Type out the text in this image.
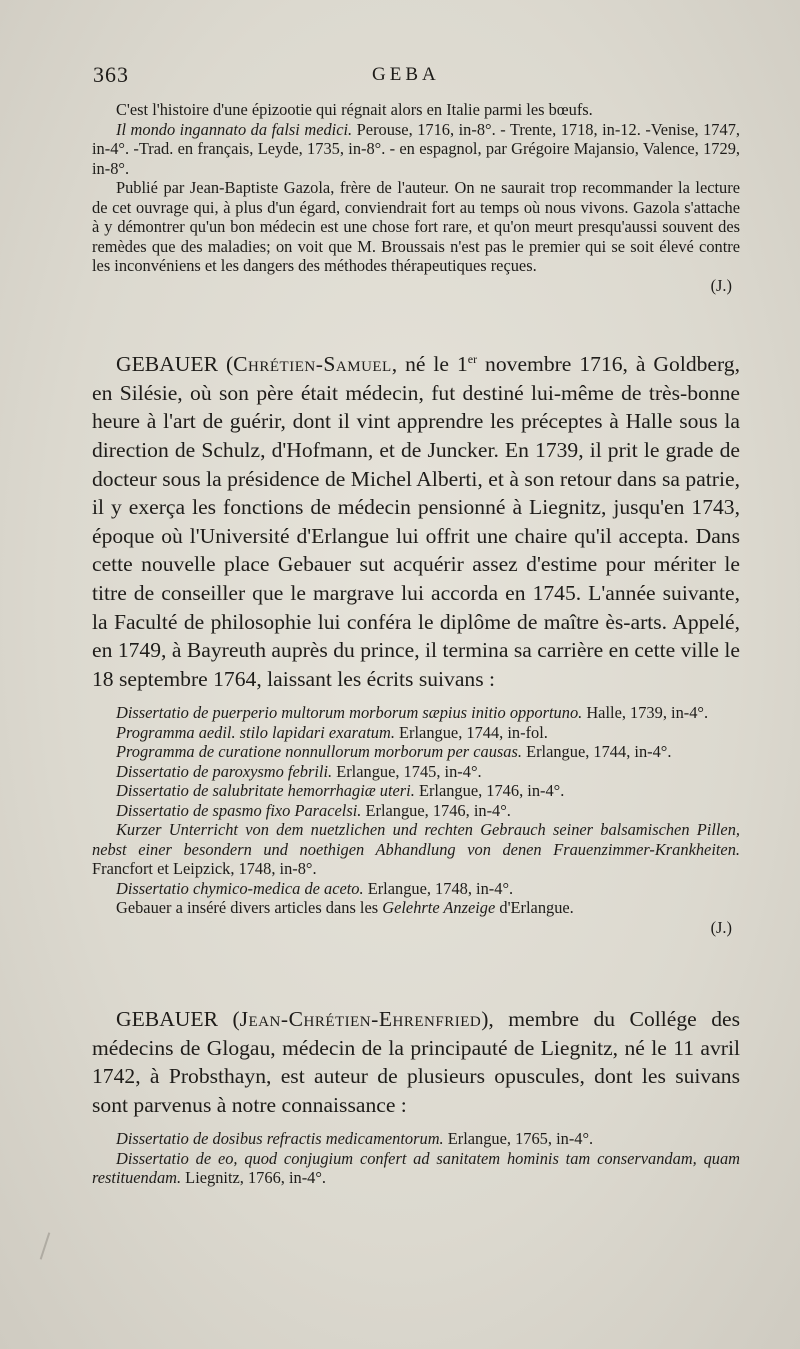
363	GEBA

C'est l'histoire d'une épizootie qui régnait alors en Italie parmi les bœufs.

Il mondo ingannato da falsi medici. Perouse, 1716, in-8°. - Trente, 1718, in-12. -Venise, 1747, in-4°. -Trad. en français, Leyde, 1735, in-8°. - en espagnol, par Grégoire Majansio, Valence, 1729, in-8°.

Publié par Jean-Baptiste Gazola, frère de l'auteur. On ne saurait trop recommander la lecture de cet ouvrage qui, à plus d'un égard, conviendrait fort au temps où nous vivons. Gazola s'attache à y démontrer qu'un bon médecin est une chose fort rare, et qu'on meurt presqu'aussi souvent des remèdes que des maladies; on voit que M. Broussais n'est pas le premier qui se soit élevé contre les inconvéniens et les dangers des méthodes thérapeutiques reçues.

(J.)

GEBAUER (Chrétien-Samuel, né le 1er novembre 1716, à Goldberg, en Silésie, où son père était médecin, fut destiné lui-même de très-bonne heure à l'art de guérir, dont il vint apprendre les préceptes à Halle sous la direction de Schulz, d'Hofmann, et de Juncker. En 1739, il prit le grade de docteur sous la présidence de Michel Alberti, et à son retour dans sa patrie, il y exerça les fonctions de médecin pensionné à Liegnitz, jusqu'en 1743, époque où l'Université d'Erlangue lui offrit une chaire qu'il accepta. Dans cette nouvelle place Gebauer sut acquérir assez d'estime pour mériter le titre de conseiller que le margrave lui accorda en 1745. L'année suivante, la Faculté de philosophie lui conféra le diplôme de maître ès-arts. Appelé, en 1749, à Bayreuth auprès du prince, il termina sa carrière en cette ville le 18 septembre 1764, laissant les écrits suivans :

Dissertatio de puerperio multorum morborum sæpius initio opportuno. Halle, 1739, in-4°.

Programma aedil. stilo lapidari exaratum. Erlangue, 1744, in-fol.

Programma de curatione nonnullorum morborum per causas. Erlangue, 1744, in-4°.

Dissertatio de paroxysmo febrili. Erlangue, 1745, in-4°.

Dissertatio de salubritate hemorrhagiæ uteri. Erlangue, 1746, in-4°.

Dissertatio de spasmo fixo Paracelsi. Erlangue, 1746, in-4°.

Kurzer Unterricht von dem nuetzlichen und rechten Gebrauch seiner balsamischen Pillen, nebst einer besondern und noethigen Abhandlung von denen Frauenzimmer-Krankheiten. Francfort et Leipzick, 1748, in-8°.

Dissertatio chymico-medica de aceto. Erlangue, 1748, in-4°.

Gebauer a inséré divers articles dans les Gelehrte Anzeige d'Erlangue.

(J.)

GEBAUER (Jean-Chrétien-Ehrenfried), membre du Collége des médecins de Glogau, médecin de la principauté de Liegnitz, né le 11 avril 1742, à Probsthayn, est auteur de plusieurs opuscules, dont les suivans sont parvenus à notre connaissance :

Dissertatio de dosibus refractis medicamentorum. Erlangue, 1765, in-4°.

Dissertatio de eo, quod conjugium confert ad sanitatem hominis tam conservandam, quam restituendam. Liegnitz, 1766, in-4°.
